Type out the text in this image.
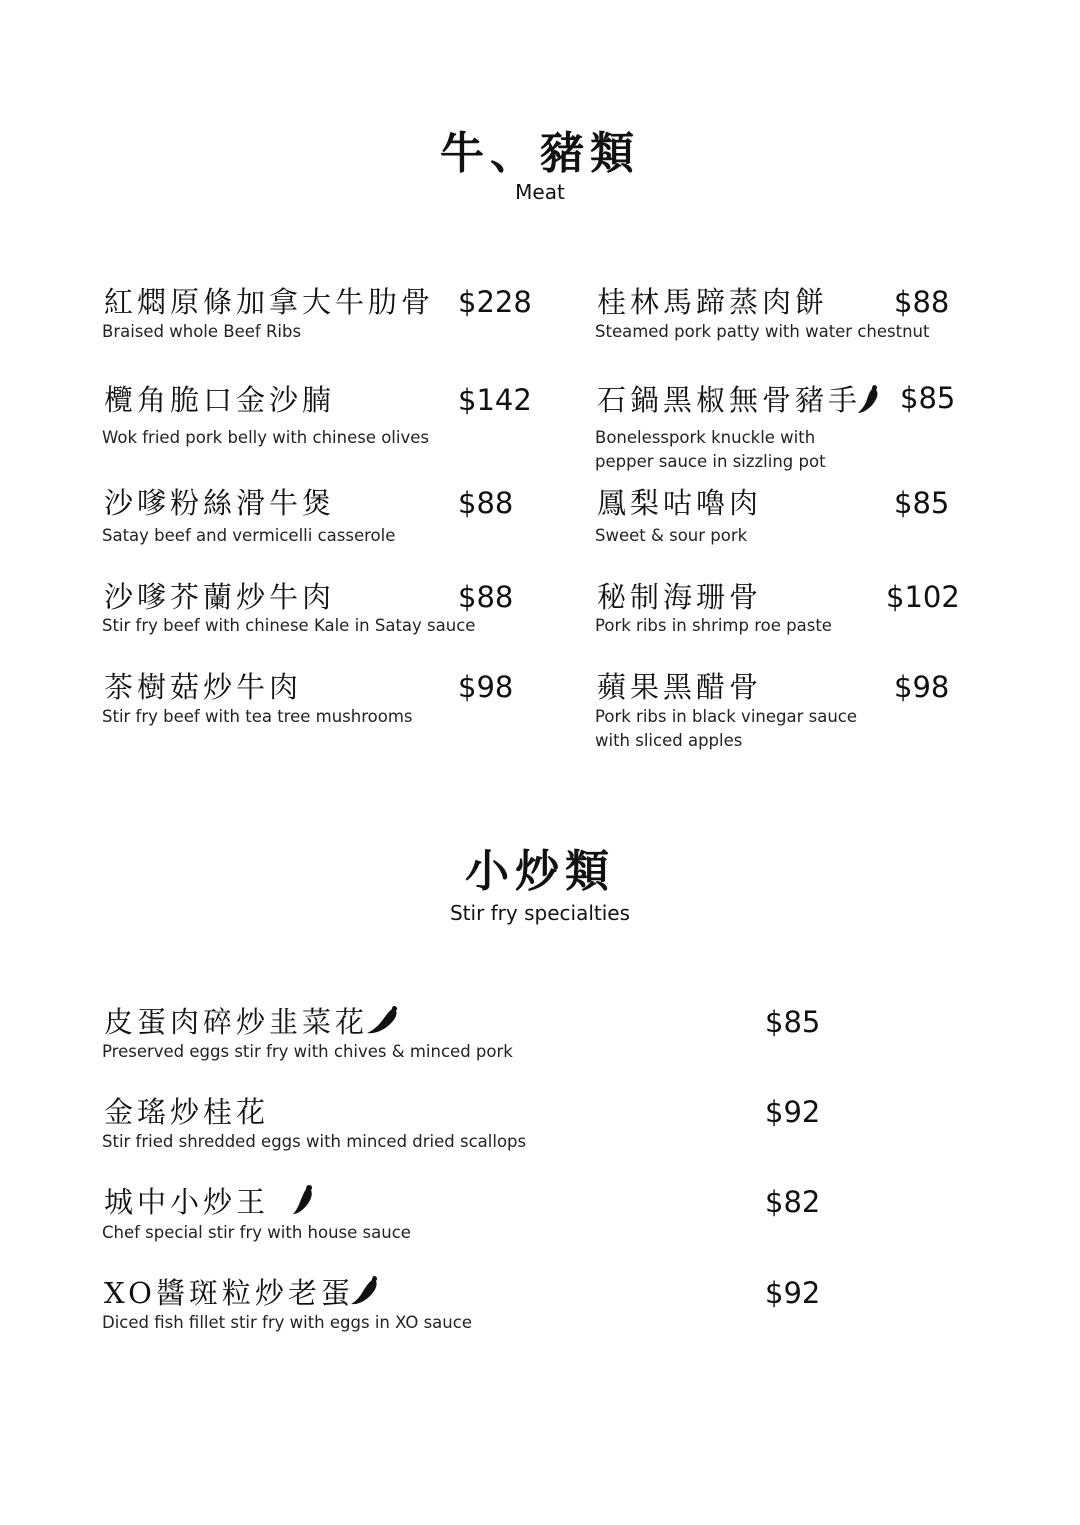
牛、豬類
Meat
紅燜原條加拿大牛肋骨 $228
Braised whole Beef Ribs
欖角脆口金沙腩	$142
Wok fried pork belly with chinese olives
沙嗲粉絲滑牛煲	$88
Satay beef and vermicelli casserole
沙嗲芥蘭炒牛肉	$88
Stir fry beef with chinese Kale in Satay sauce
茶樹菇炒牛肉	$98
Stir fry beef with tea tree mushrooms
桂林馬蹄蒸肉餅 $88
Steamed pork patty with water chestnut
石鍋黑椒無骨豬手	$85
Bonelesspork knuckle with
pepper sauce in sizzling pot
鳳梨咕嚕肉	$85
Sweet & sour pork
秘制海珊骨	$102
Pork ribs in shrimp roe paste
蘋果黑醋骨	$98
Pork ribs in black vinegar sauce
with sliced apples
小炒類
Stir fry specialties
皮蛋肉碎炒韭菜花	$85
Preserved eggs stir fry with chives & minced pork
金瑤炒桂花	$92
Stir fried shredded eggs with minced dried scallops
城中小炒王	$82
Chef special stir fry with house sauce
XO醬斑粒炒老蛋	$92
Diced fish fillet stir fry with eggs in XO sauce
